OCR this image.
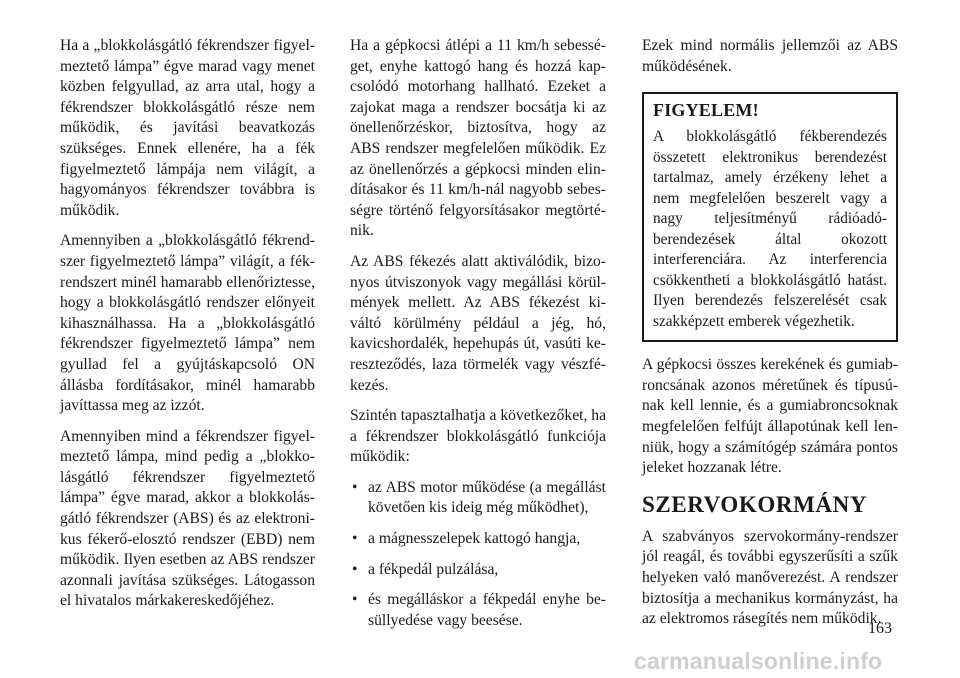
Ha a „blokkolásgátló fékrendszer figyelmeztető lámpa” égve marad vagy menet közben felgyullad, az arra utal, hogy a fékrendszer blokkolásgátló része nem működik, és javítási beavatkozás szükséges. Ennek ellenére, ha a fék figyelmeztető lámpája nem világít, a hagyományos fékrendszer továbbra is működik.

Amennyiben a „blokkolásgátló fékrendszer figyelmeztető lámpa” világít, a fékrendszert minél hamarabb ellenőriztesse, hogy a blokkolásgátló rendszer előnyeit kihasználhassa. Ha a „blokkolásgátló fékrendszer figyelmeztető lámpa” nem gyullad fel a gyújtáskapcsoló ON állásba fordításakor, minél hamarabb javíttassa meg az izzót.

Amennyiben mind a fékrendszer figyelmeztető lámpa, mind pedig a „blokkolásgátló fékrendszer figyelmeztető lámpa” égve marad, akkor a blokkolásgátló fékrendszer (ABS) és az elektronikus fékerő-elosztó rendszer (EBD) nem működik. Ilyen esetben az ABS rendszer azonnali javítása szükséges. Látogasson el hivatalos márkakereskedőjéhez.

Ha a gépkocsi átlépi a 11 km/h sebességet, enyhe kattogó hang és hozzá kapcsolódó motorhang hallható. Ezeket a zajokat maga a rendszer bocsátja ki az önellenőrzéskor, biztosítva, hogy az ABS rendszer megfelelően működik. Ez az önellenőrzés a gépkocsi minden elindításakor és 11 km/h-nál nagyobb sebességre történő felgyorsításakor megtörténik.

Az ABS fékezés alatt aktiválódik, bizonyos útviszonyok vagy megállási körülmények mellett. Az ABS fékezést kiváltó körülmény például a jég, hó, kavicshordalék, hepehupás út, vasúti kereszteződés, laza törmelék vagy vészfékezés.

Szintén tapasztalhatja a következőket, ha a fékrendszer blokkolásgátló funkciója működik:

• az ABS motor működése (a megállást követően kis ideig még működhet),
• a mágnesszelepek kattogó hangja,
• a fékpedál pulzálása,
• és megálláskor a fékpedál enyhe besüllyedése vagy beesése.

Ezek mind normális jellemzői az ABS működésének.

FIGYELEM!

A blokkolásgátló fékberendezés összetett elektronikus berendezést tartalmaz, amely érzékeny lehet a nem megfelelően beszerelt vagy a nagy teljesítményű rádióadó-berendezések által okozott interferenciára. Az interferencia csökkentheti a blokkolásgátló hatást. Ilyen berendezés felszerelését csak szakképzett emberek végezhetik.

A gépkocsi összes kerekének és gumiabroncsának azonos méretűnek és típusúnak kell lennie, és a gumiabroncsoknak megfelelően felfújt állapotúnak kell lenniük, hogy a számítógép számára pontos jeleket hozzanak létre.

SZERVOKORMÁNY

A szabványos szervokormány-rendszer jól reagál, és további egyszerűsíti a szűk helyeken való manőverezést. A rendszer biztosítja a mechanikus kormányzást, ha az elektromos rásegítés nem működik.

163
carmanualsonline.info
